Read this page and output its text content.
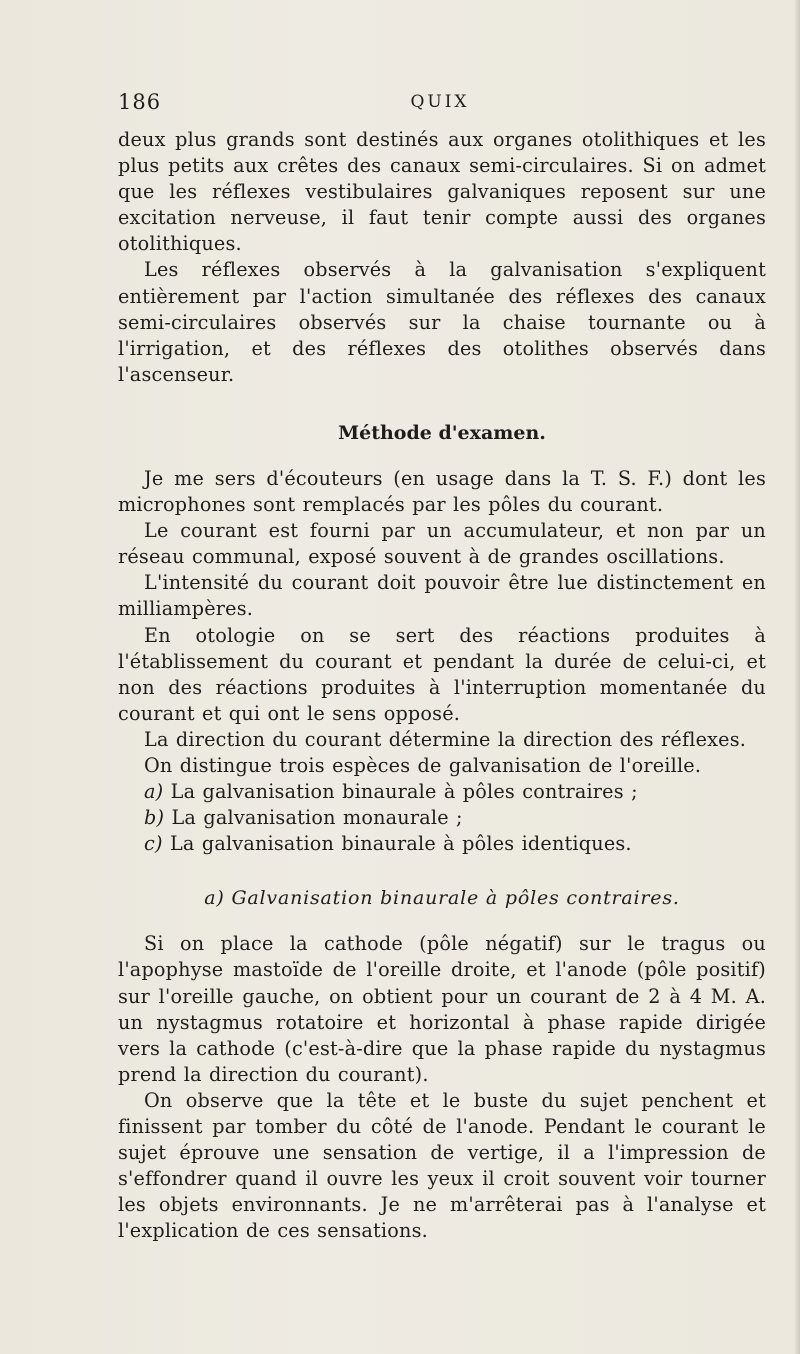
186	QUIX

deux plus grands sont destinés aux organes otolithiques et les plus petits aux crêtes des canaux semi-circulaires. Si on admet que les réflexes vestibulaires galvaniques reposent sur une excitation nerveuse, il faut tenir compte aussi des organes otolithiques.

Les réflexes observés à la galvanisation s'expliquent entièrement par l'action simultanée des réflexes des canaux semi-circulaires observés sur la chaise tournante ou à l'irrigation, et des réflexes des otolithes observés dans l'ascenseur.

Méthode d'examen.

Je me sers d'écouteurs (en usage dans la T. S. F.) dont les microphones sont remplacés par les pôles du courant.

Le courant est fourni par un accumulateur, et non par un réseau communal, exposé souvent à de grandes oscillations.

L'intensité du courant doit pouvoir être lue distinctement en milliampères.

En otologie on se sert des réactions produites à l'établissement du courant et pendant la durée de celui-ci, et non des réactions produites à l'interruption momentanée du courant et qui ont le sens opposé.

La direction du courant détermine la direction des réflexes.

On distingue trois espèces de galvanisation de l'oreille.

a) La galvanisation binaurale à pôles contraires ;

b) La galvanisation monaurale ;

c) La galvanisation binaurale à pôles identiques.

a) Galvanisation binaurale à pôles contraires.

Si on place la cathode (pôle négatif) sur le tragus ou l'apophyse mastoïde de l'oreille droite, et l'anode (pôle positif) sur l'oreille gauche, on obtient pour un courant de 2 à 4 M. A. un nystagmus rotatoire et horizontal à phase rapide dirigée vers la cathode (c'est-à-dire que la phase rapide du nystagmus prend la direction du courant).

On observe que la tête et le buste du sujet penchent et finissent par tomber du côté de l'anode. Pendant le courant le sujet éprouve une sensation de vertige, il a l'impression de s'effondrer quand il ouvre les yeux il croit souvent voir tourner les objets environnants. Je ne m'arrêterai pas à l'analyse et l'explication de ces sensations.
